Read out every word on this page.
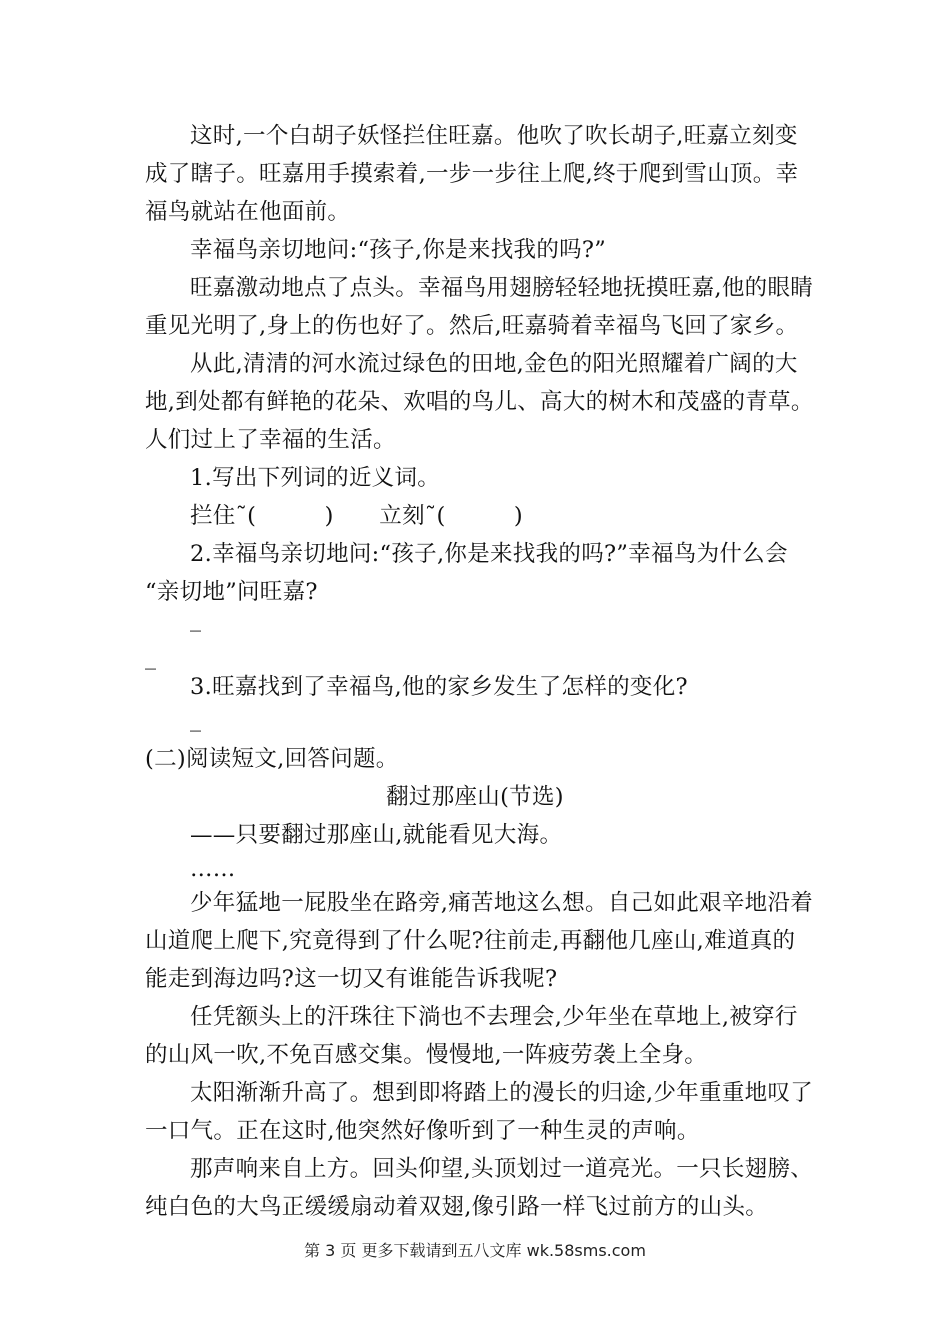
这时,一个白胡子妖怪拦住旺嘉。他吹了吹长胡子,旺嘉立刻变
成了瞎子。旺嘉用手摸索着,一步一步往上爬,终于爬到雪山顶。幸
福鸟就站在他面前。
幸福鸟亲切地问:“孩子,你是来找我的吗?”
旺嘉激动地点了点头。幸福鸟用翅膀轻轻地抚摸旺嘉,他的眼睛
重见光明了,身上的伤也好了。然后,旺嘉骑着幸福鸟飞回了家乡。
从此,清清的河水流过绿色的田地,金色的阳光照耀着广阔的大
地,到处都有鲜艳的花朵、欢唱的鸟儿、高大的树木和茂盛的青草。
人们过上了幸福的生活。
1.写出下列词的近义词。
拦住˜(　　　)　　立刻˜(　　　)
2.幸福鸟亲切地问:“孩子,你是来找我的吗?”幸福鸟为什么会
“亲切地”问旺嘉?
_
_
3.旺嘉找到了幸福鸟,他的家乡发生了怎样的变化?
_
(二)阅读短文,回答问题。
翻过那座山(节选)
——只要翻过那座山,就能看见大海。
……
少年猛地一屁股坐在路旁,痛苦地这么想。自己如此艰辛地沿着
山道爬上爬下,究竟得到了什么呢?往前走,再翻他几座山,难道真的
能走到海边吗?这一切又有谁能告诉我呢?
任凭额头上的汗珠往下淌也不去理会,少年坐在草地上,被穿行
的山风一吹,不免百感交集。慢慢地,一阵疲劳袭上全身。
太阳渐渐升高了。想到即将踏上的漫长的归途,少年重重地叹了
一口气。正在这时,他突然好像听到了一种生灵的声响。
那声响来自上方。回头仰望,头顶划过一道亮光。一只长翅膀、
纯白色的大鸟正缓缓扇动着双翅,像引路一样飞过前方的山头。
第 3 页 更多下载请到五八文库 wk.58sms.com
